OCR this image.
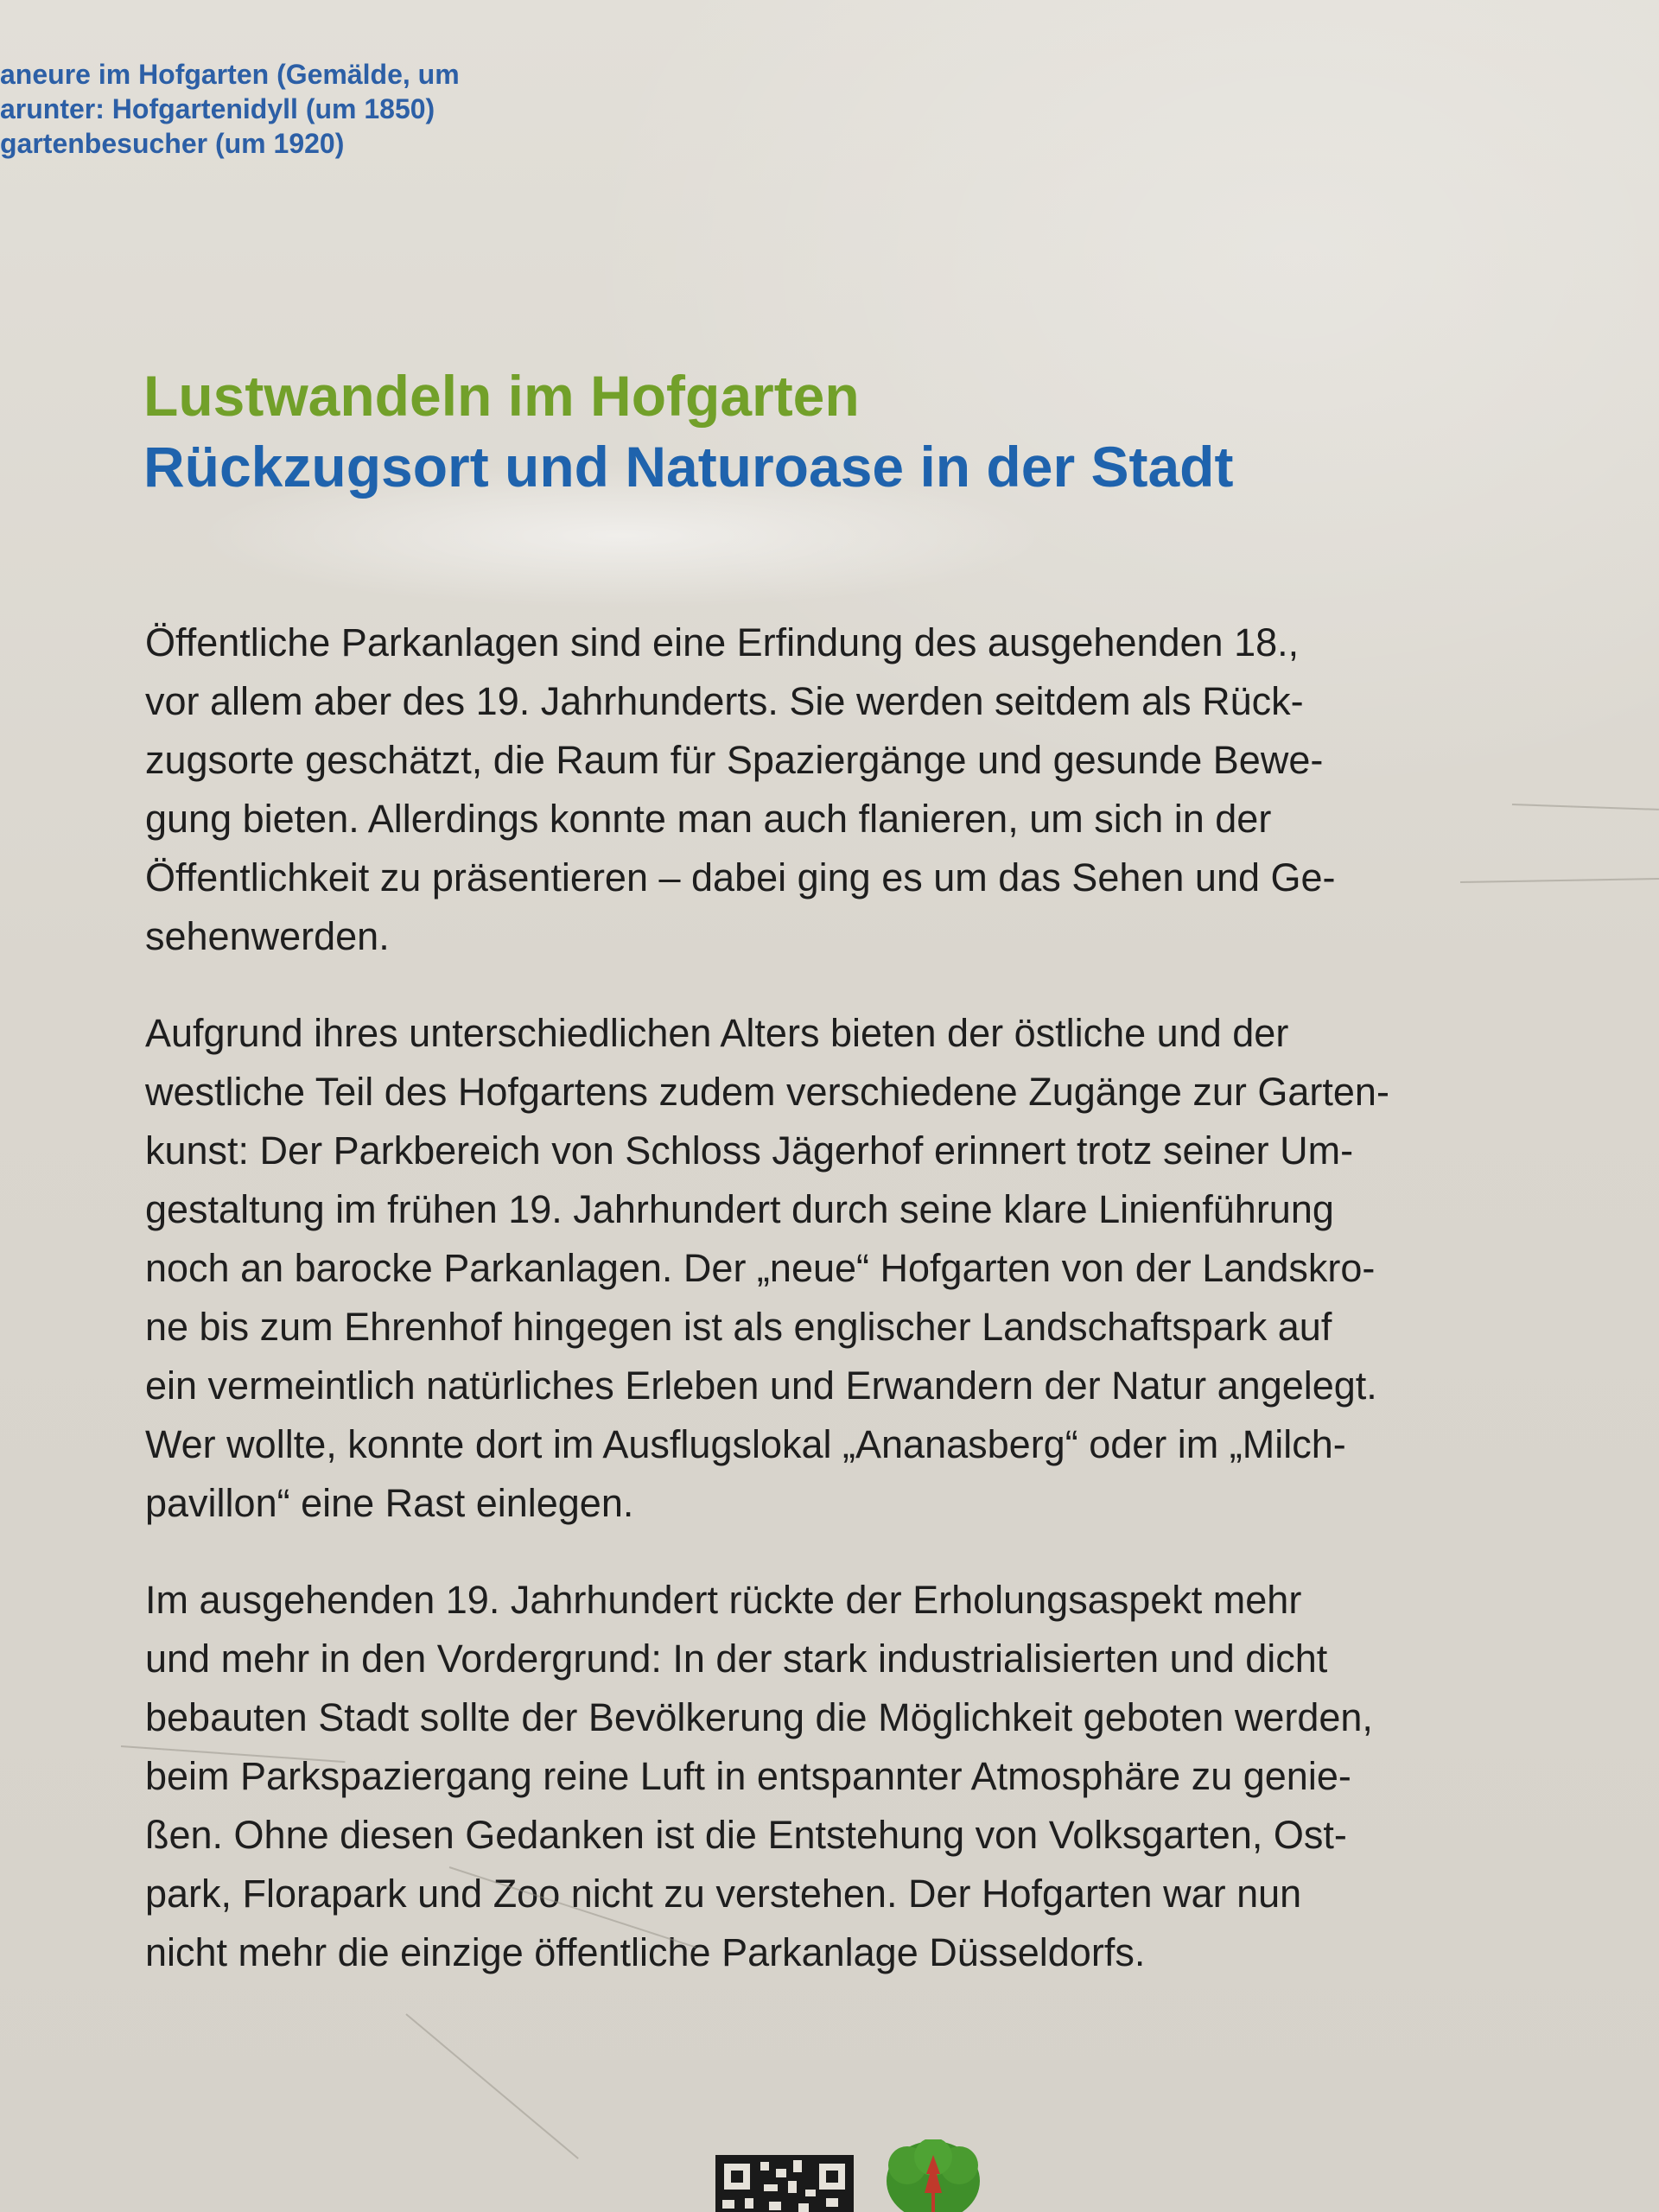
aneure im Hofgarten (Gemälde, um
arunter: Hofgartenidyll (um 1850)
gartenbesucher (um 1920)
Lustwandeln im Hofgarten
Rückzugsort und Naturoase in der Stadt
Öffentliche Parkanlagen sind eine Erfindung des ausgehenden 18.,
vor allem aber des 19. Jahrhunderts. Sie werden seitdem als Rück-
zugsorte geschätzt, die Raum für Spaziergänge und gesunde Bewe-
gung bieten. Allerdings konnte man auch flanieren, um sich in der
Öffentlichkeit zu präsentieren – dabei ging es um das Sehen und Ge-
sehenwerden.
Aufgrund ihres unterschiedlichen Alters bieten der östliche und der
westliche Teil des Hofgartens zudem verschiedene Zugänge zur Garten-
kunst: Der Parkbereich von Schloss Jägerhof erinnert trotz seiner Um-
gestaltung im frühen 19. Jahrhundert durch seine klare Linienführung
noch an barocke Parkanlagen. Der „neue“ Hofgarten von der Landskro-
ne bis zum Ehrenhof hingegen ist als englischer Landschaftspark auf
ein vermeintlich natürliches Erleben und Erwandern der Natur angelegt.
Wer wollte, konnte dort im Ausflugslokal „Ananasberg“ oder im „Milch-
pavillon“ eine Rast einlegen.
Im ausgehenden 19. Jahrhundert rückte der Erholungsaspekt mehr
und mehr in den Vordergrund: In der stark industrialisierten und dicht
bebauten Stadt sollte der Bevölkerung die Möglichkeit geboten werden,
beim Parkspaziergang reine Luft in entspannter Atmosphäre zu genie-
ßen. Ohne diesen Gedanken ist die Entstehung von Volksgarten, Ost-
park, Florapark und Zoo nicht zu verstehen. Der Hofgarten war nun
nicht mehr die einzige öffentliche Parkanlage Düsseldorfs.
